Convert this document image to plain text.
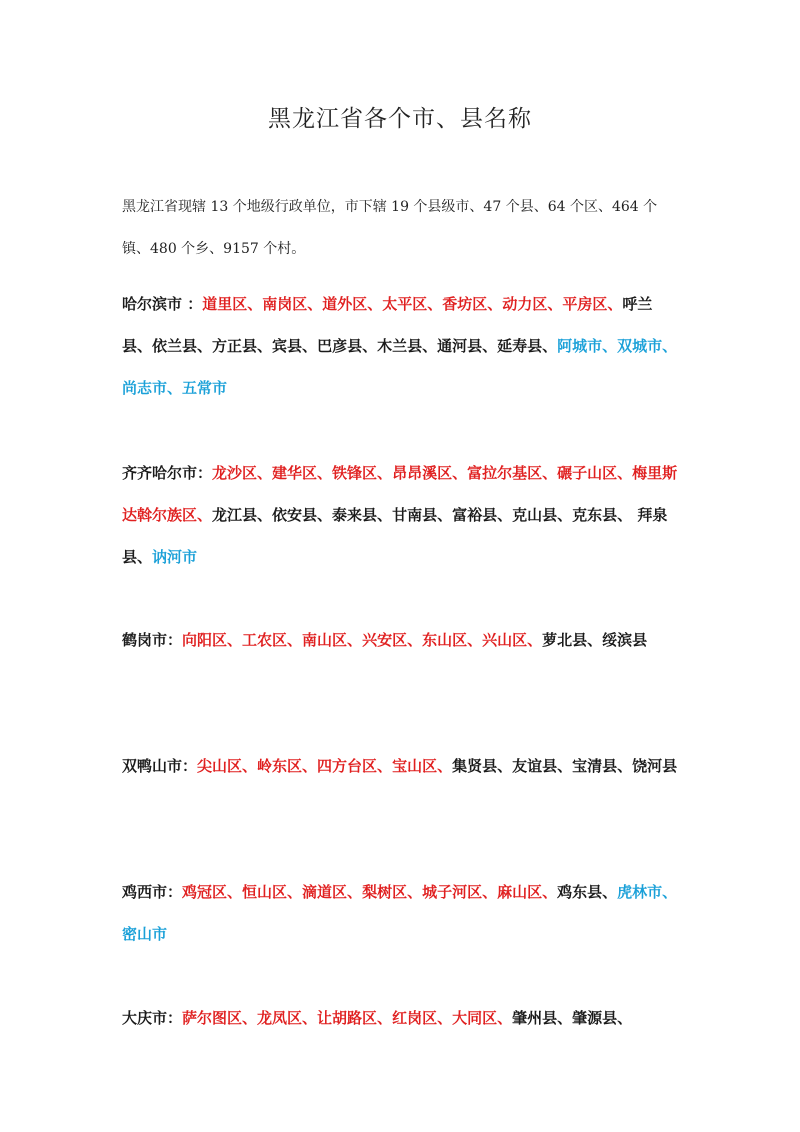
黑龙江省各个市、县名称

黑龙江省现辖 13 个地级行政单位，市下辖 19 个县级市、47 个县、64 个区、464 个镇、480 个乡、9157 个村。

哈尔滨市 ：道里区、南岗区、道外区、太平区、香坊区、动力区、平房区、呼兰县、依兰县、方正县、宾县、巴彦县、木兰县、通河县、延寿县、阿城市、双城市、尚志市、五常市

齐齐哈尔市：龙沙区、建华区、铁锋区、昂昂溪区、富拉尔基区、碾子山区、梅里斯达斡尔族区、龙江县、依安县、泰来县、甘南县、富裕县、克山县、克东县、 拜泉县、讷河市

鹤岗市：向阳区、工农区、南山区、兴安区、东山区、兴山区、萝北县、绥滨县

双鸭山市：尖山区、岭东区、四方台区、宝山区、集贤县、友谊县、宝清县、饶河县

鸡西市：鸡冠区、恒山区、滴道区、梨树区、城子河区、麻山区、鸡东县、虎林市、密山市

大庆市：萨尔图区、龙凤区、让胡路区、红岗区、大同区、肇州县、肇源县、
